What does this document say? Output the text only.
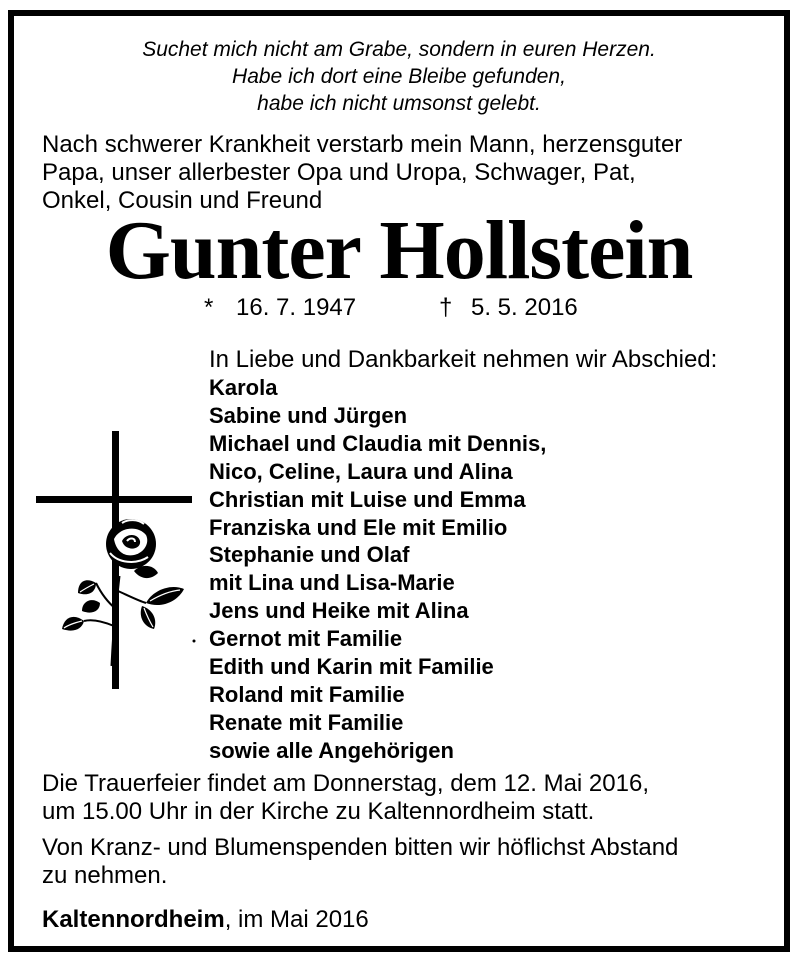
Suchet mich nicht am Grabe, sondern in euren Herzen.
Habe ich dort eine Bleibe gefunden,
habe ich nicht umsonst gelebt.
Nach schwerer Krankheit verstarb mein Mann, herzensguter
Papa, unser allerbester Opa und Uropa, Schwager, Pat,
Onkel, Cousin und Freund
Gunter Hollstein
* 16. 7. 1947	† 5. 5. 2016
In Liebe und Dankbarkeit nehmen wir Abschied:
Karola
Sabine und Jürgen
Michael und Claudia mit Dennis,
Nico, Celine, Laura und Alina
Christian mit Luise und Emma
Franziska und Ele mit Emilio
Stephanie und Olaf
mit Lina und Lisa-Marie
Jens und Heike mit Alina
Gernot mit Familie
Edith und Karin mit Familie
Roland mit Familie
Renate mit Familie
sowie alle Angehörigen
Die Trauerfeier findet am Donnerstag, dem 12. Mai 2016,
um 15.00 Uhr in der Kirche zu Kaltennordheim statt.
Von Kranz- und Blumenspenden bitten wir höflichst Abstand
zu nehmen.
Kaltennordheim, im Mai 2016
